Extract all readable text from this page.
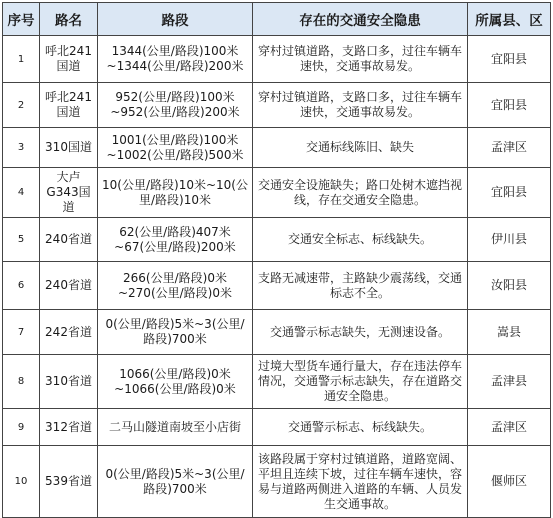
序号	路名	路段	存在的交通安全隐患	所属县、区
1	呼北241国道	1344(公里/路段)100米~1344(公里/路段)200米	穿村过镇道路，支路口多，过往车辆车速快，交通事故易发。	宜阳县
2	呼北241国道	952(公里/路段)100米~952(公里/路段)200米	穿村过镇道路，支路口多，过往车辆车速快，交通事故易发。	宜阳县
3	310国道	1001(公里/路段)100米~1002(公里/路段)500米	交通标线陈旧、缺失	孟津区
4	大卢G343国道	10(公里/路段)10米~10(公里/路段)10米	交通安全设施缺失；路口处树木遮挡视线，存在交通安全隐患。	宜阳县
5	240省道	62(公里/路段)407米~67(公里/路段)200米	交通安全标志、标线缺失。	伊川县
6	240省道	266(公里/路段)0米~270(公里/路段)0米	支路无减速带，主路缺少震荡线，交通标志不全。	汝阳县
7	242省道	0(公里/路段)5米~3(公里/路段)700米	交通警示标志缺失，无测速设备。	嵩县
8	310省道	1066(公里/路段)0米~1066(公里/路段)0米	过境大型货车通行量大，存在违法停车情况，交通警示标志缺失，存在道路交通安全隐患。	孟津县
9	312省道	二马山隧道南坡至小店街	交通警示标志、标线缺失。	孟津区
10	539省道	0(公里/路段)5米~3(公里/路段)700米	该路段属于穿村过镇道路，道路宽阔、平坦且连续下坡，过往车辆车速快，容易与道路两侧进入道路的车辆、人员发生交通事故。	偃师区
